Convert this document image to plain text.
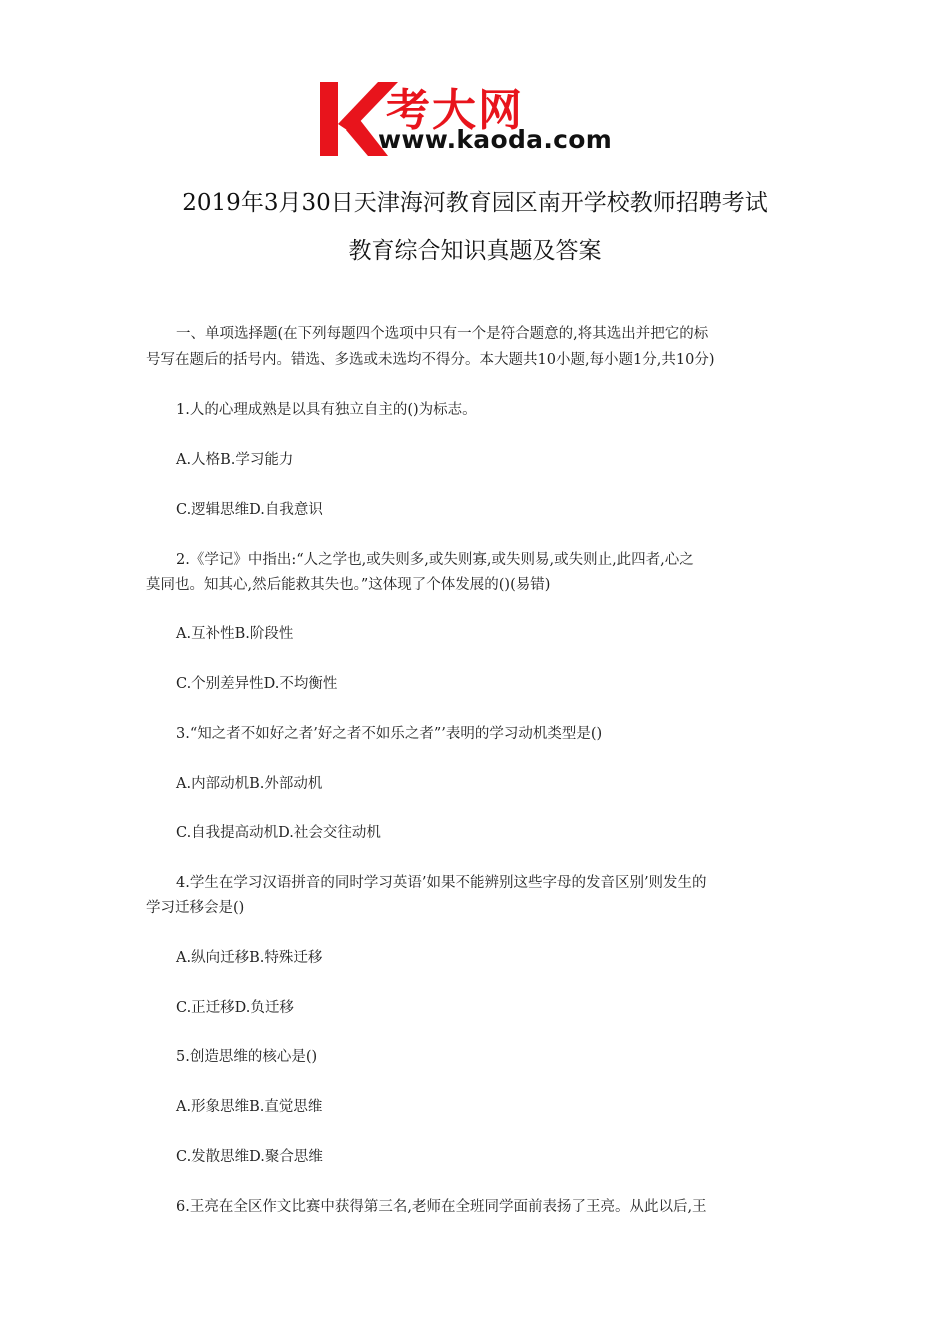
考大网
www.kaoda.com
2019年3月30日天津海河教育园区南开学校教师招聘考试
教育综合知识真题及答案
一、单项选择题(在下列每题四个选项中只有一个是符合题意的,将其选出并把它的标
号写在题后的括号内。错选、多选或未选均不得分。本大题共10小题,每小题1分,共10分)
1.人的心理成熟是以具有独立自主的()为标志。
A.人格B.学习能力
C.逻辑思维D.自我意识
2.《学记》中指出:“人之学也,或失则多,或失则寡,或失则易,或失则止,此四者,心之
莫同也。知其心,然后能救其失也。”这体现了个体发展的()(易错)
A.互补性B.阶段性
C.个别差异性D.不均衡性
3.“知之者不如好之者’好之者不如乐之者”’表明的学习动机类型是()
A.内部动机B.外部动机
C.自我提高动机D.社会交往动机
4.学生在学习汉语拼音的同时学习英语’如果不能辨别这些字母的发音区别’则发生的
学习迁移会是()
A.纵向迁移B.特殊迁移
C.正迁移D.负迁移
5.创造思维的核心是()
A.形象思维B.直觉思维
C.发散思维D.聚合思维
6.王亮在全区作文比赛中获得第三名,老师在全班同学面前表扬了王亮。从此以后,王
